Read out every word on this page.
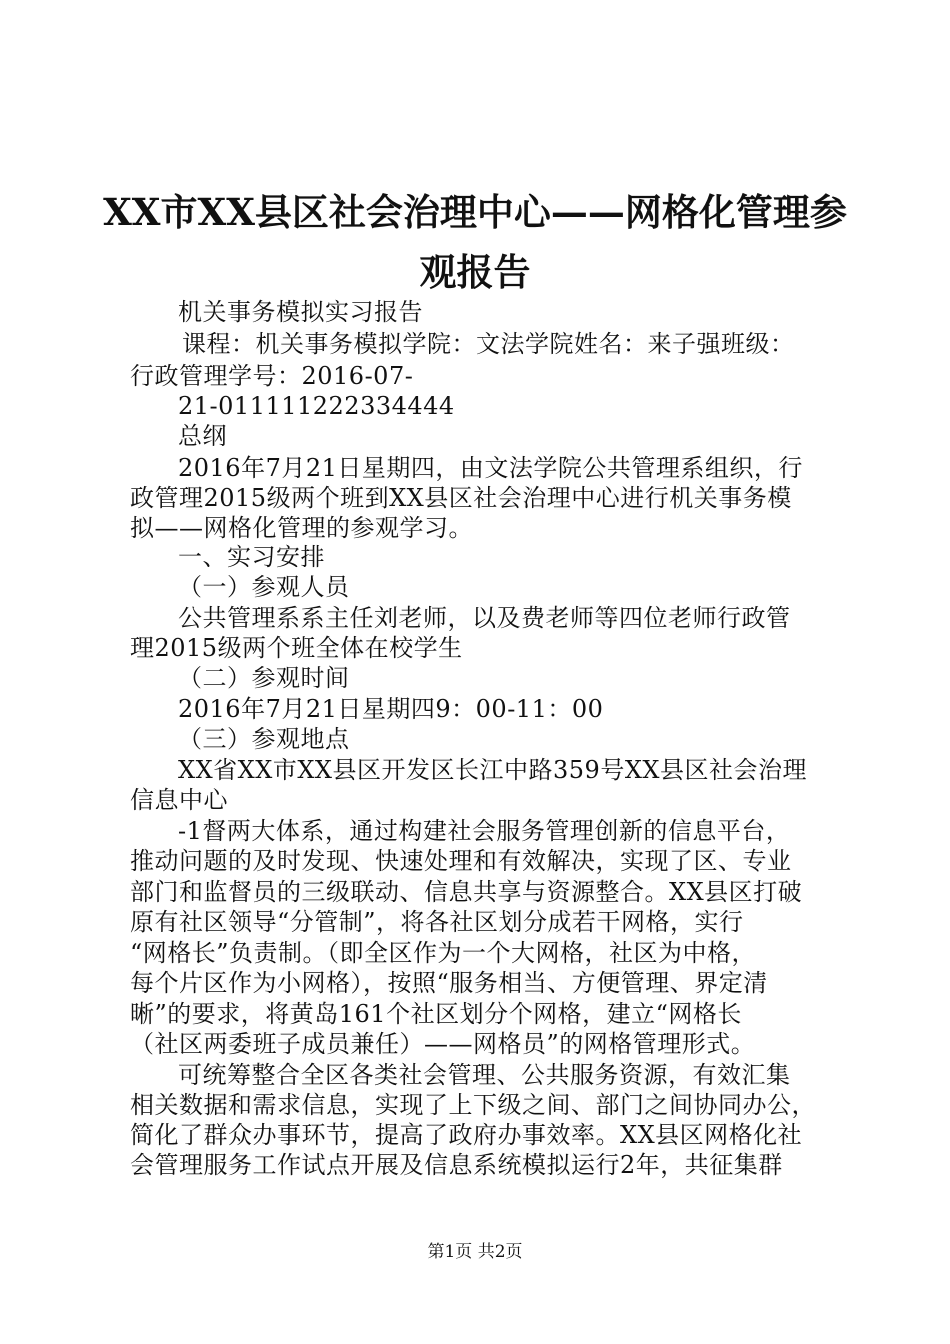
XX市XX县区社会治理中心——网格化管理参
观报告
机关事务模拟实习报告
课程：机关事务模拟学院：文法学院姓名：来子强班级：
行政管理学号：2016-07-
21-011111222334444
总纲
2016年7月21日星期四，由文法学院公共管理系组织，行
政管理2015级两个班到XX县区社会治理中心进行机关事务模
拟——网格化管理的参观学习。
一、实习安排
（一）参观人员
公共管理系系主任刘老师，以及费老师等四位老师行政管
理2015级两个班全体在校学生
（二）参观时间
2016年7月21日星期四9：00-11：00
（三）参观地点
XX省XX市XX县区开发区长江中路359号XX县区社会治理
信息中心
-1督两大体系，通过构建社会服务管理创新的信息平台，
推动问题的及时发现、快速处理和有效解决，实现了区、专业
部门和监督员的三级联动、信息共享与资源整合。XX县区打破
原有社区领导“分管制”，将各社区划分成若干网格，实行
“网格长”负责制。（即全区作为一个大网格，社区为中格，
每个片区作为小网格），按照“服务相当、方便管理、界定清
晰”的要求，将黄岛161个社区划分个网格，建立“网格长
（社区两委班子成员兼任）——网格员”的网格管理形式。
可统筹整合全区各类社会管理、公共服务资源，有效汇集
相关数据和需求信息，实现了上下级之间、部门之间协同办公，
简化了群众办事环节，提高了政府办事效率。XX县区网格化社
会管理服务工作试点开展及信息系统模拟运行2年，共征集群
第1页 共2页
